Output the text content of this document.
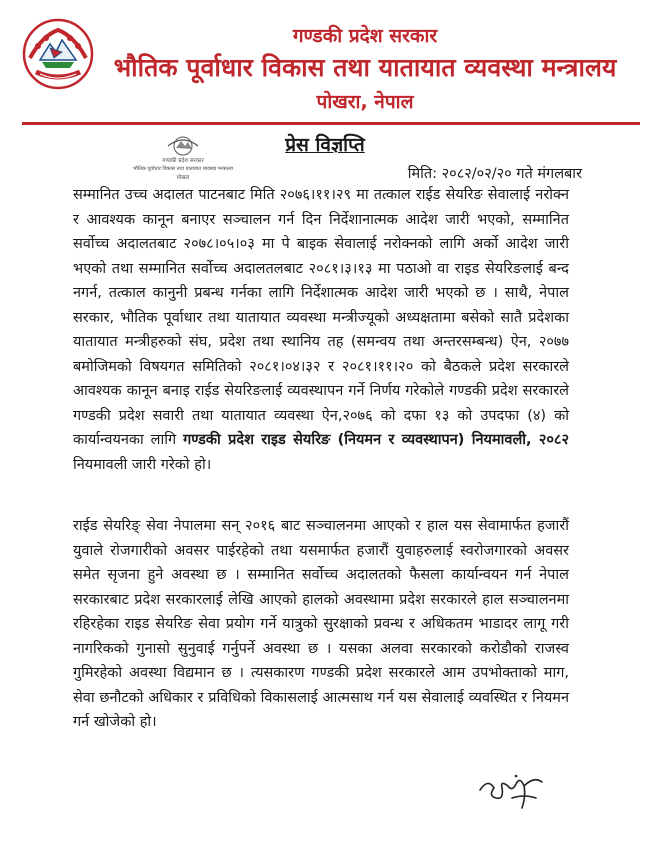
गण्डकी प्रदेश सरकार
भौतिक पूर्वाधार विकास तथा यातायात व्यवस्था मन्त्रालय
पोखरा, नेपाल
गण्डकी प्रदेश सरकार
भौतिक पूर्वाधार विकास तथा यातायात व्यवस्था मन्त्रालय
पोखरा
प्रेस विज्ञप्ति
मिति: २०८२/०२/२० गते मंगलबार
सम्मानित उच्च अदालत पाटनबाट मिति २०७६।११।२९ मा तत्काल राईड सेयरिङ सेवालाई नरोक्न र आवश्यक कानून बनाएर सञ्चालन गर्न दिन निर्देशानात्मक आदेश जारी भएको, सम्मानित सर्वोच्च अदालतबाट २०७८।०५।०३ मा पे बाइक सेवालाई नरोक्नको लागि अर्को आदेश जारी भएको तथा सम्मानित सर्वोच्च अदालतलबाट २०८१।३।१३ मा पठाओ वा राइड सेयरिङलाई बन्द नगर्न, तत्काल कानुनी प्रबन्ध गर्नका लागि निर्देशात्मक आदेश जारी भएको छ । साथै, नेपाल सरकार, भौतिक पूर्वाधार तथा यातायात व्यवस्था मन्त्रीज्यूको अध्यक्षतामा बसेको सातै प्रदेशका यातायात मन्त्रीहरुको संघ, प्रदेश तथा स्थानिय तह (समन्वय तथा अन्तरसम्बन्ध) ऐन, २०७७ बमोजिमको विषयगत समितिको २०८१।०४।३२ र २०८१।११।२० को बैठकले प्रदेश सरकारले आवश्यक कानून बनाइ राईड सेयरिङलाई व्यवस्थापन गर्ने निर्णय गरेकोले गण्डकी प्रदेश सरकारले गण्डकी प्रदेश सवारी तथा यातायात व्यवस्था ऐन,२०७६ को दफा १३ को उपदफा (४) को कार्यान्वयनका लागि गण्डकी प्रदेश राइड सेयरिङ (नियमन र व्यवस्थापन) नियमावली, २०८२ नियमावली जारी गरेको हो।
राईड सेयरिङ् सेवा नेपालमा सन् २०१६ बाट सञ्चालनमा आएको र हाल यस सेवामार्फत हजारौं युवाले रोजगारीको अवसर पाईरहेको तथा यसमार्फत हजारौं युवाहरुलाई स्वरोजगारको अवसर समेत सृजना हुने अवस्था छ । सम्मानित सर्वोच्च अदालतको फैसला कार्यान्वयन गर्न नेपाल सरकारबाट प्रदेश सरकारलाई लेखि आएको हालको अवस्थामा प्रदेश सरकारले हाल सञ्चालनमा रहिरहेका राइड सेयरिङ सेवा प्रयोग गर्ने यात्रुको सुरक्षाको प्रवन्ध र अधिकतम भाडादर लागू गरी नागरिकको गुनासो सुनुवाई गर्नुपर्ने अवस्था छ । यसका अलवा सरकारको करोडौको राजस्व गुमिरहेको अवस्था विद्यमान छ । त्यसकारण गण्डकी प्रदेश सरकारले आम उपभोक्ताको माग, सेवा छनौटको अधिकार र प्रविधिको विकासलाई आत्मसाथ गर्न यस सेवालाई व्यवस्थित र नियमन गर्न खोजेको हो।
